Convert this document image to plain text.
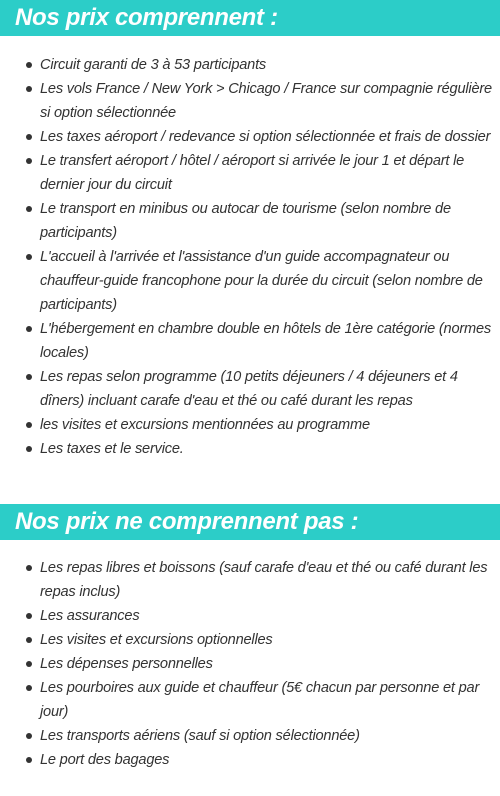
Nos prix comprennent :
Circuit garanti de 3 à 53 participants
Les vols France / New York > Chicago / France sur compagnie régulière si option sélectionnée
Les taxes aéroport / redevance si option sélectionnée et frais de dossier
Le transfert aéroport / hôtel / aéroport si arrivée le jour 1 et départ le dernier jour du circuit
Le transport en minibus ou autocar de tourisme (selon nombre de participants)
L'accueil à l'arrivée et l'assistance d'un guide accompagnateur ou chauffeur-guide francophone pour la durée du circuit (selon nombre de participants)
L'hébergement en chambre double en hôtels de 1ère catégorie (normes locales)
Les repas selon programme (10 petits déjeuners / 4 déjeuners et 4 dîners) incluant carafe d'eau et thé ou café durant les repas
les visites et excursions mentionnées au programme
Les taxes et le service.
Nos prix ne comprennent pas :
Les repas libres et boissons (sauf carafe d'eau et thé ou café durant les repas inclus)
Les assurances
Les visites et excursions optionnelles
Les dépenses personnelles
Les pourboires aux guide et chauffeur (5€ chacun par personne et par jour)
Les transports aériens (sauf si option sélectionnée)
Le port des bagages
